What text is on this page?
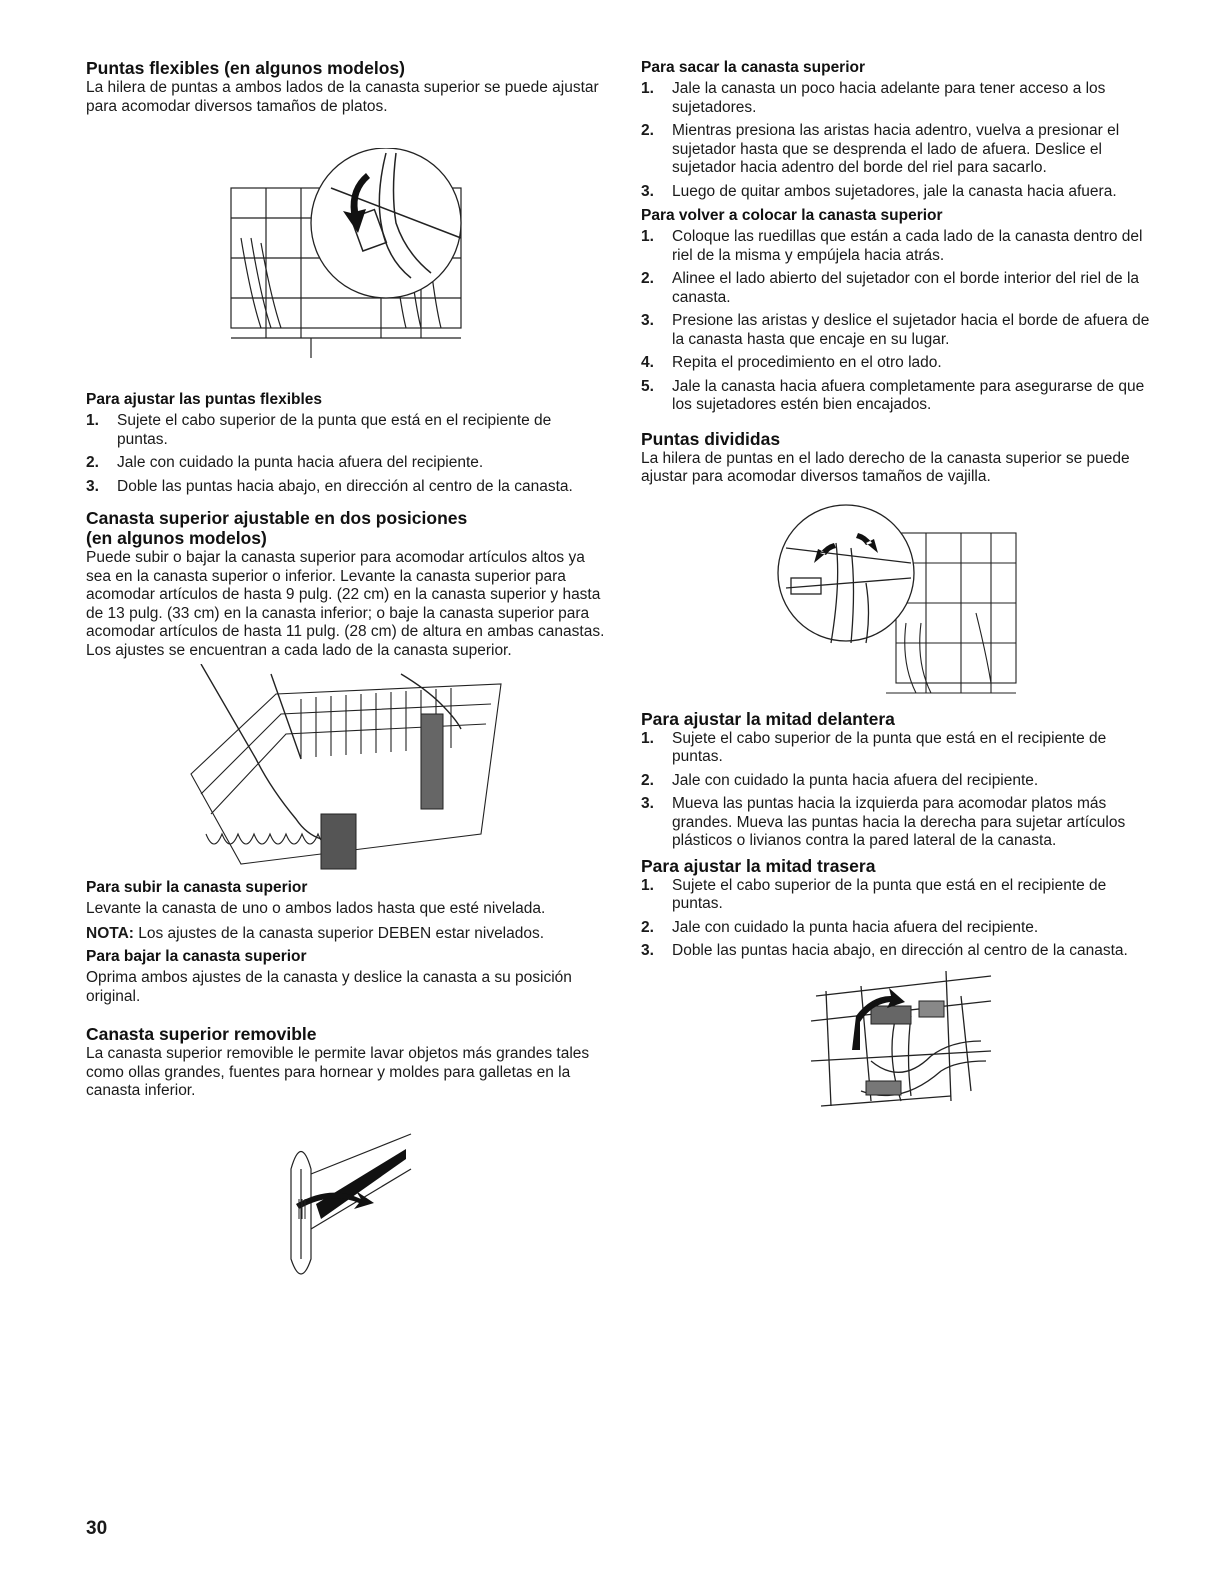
Puntas flexibles (en algunos modelos)

La hilera de puntas a ambos lados de la canasta superior se puede ajustar para acomodar diversos tamaños de platos.

Para ajustar las puntas flexibles
1. Sujete el cabo superior de la punta que está en el recipiente de puntas.
2. Jale con cuidado la punta hacia afuera del recipiente.
3. Doble las puntas hacia abajo, en dirección al centro de la canasta.
Canasta superior ajustable en dos posiciones
(en algunos modelos)

Puede subir o bajar la canasta superior para acomodar artículos altos ya sea en la canasta superior o inferior. Levante la canasta superior para acomodar artículos de hasta 9 pulg. (22 cm) en la canasta superior y hasta de 13 pulg. (33 cm) en la canasta inferior; o baje la canasta superior para acomodar artículos de hasta 11 pulg. (28 cm) de altura en ambas canastas. Los ajustes se encuentran a cada lado de la canasta superior.

Para subir la canasta superior

Levante la canasta de uno o ambos lados hasta que esté nivelada.

NOTA: Los ajustes de la canasta superior DEBEN estar nivelados.

Para bajar la canasta superior

Oprima ambos ajustes de la canasta y deslice la canasta a su posición original.

Canasta superior removible

La canasta superior removible le permite lavar objetos más grandes tales como ollas grandes, fuentes para hornear y moldes para galletas en la canasta inferior.

Para sacar la canasta superior
1. Jale la canasta un poco hacia adelante para tener acceso a los sujetadores.
2. Mientras presiona las aristas hacia adentro, vuelva a presionar el sujetador hasta que se desprenda el lado de afuera. Deslice el sujetador hacia adentro del borde del riel para sacarlo.
3. Luego de quitar ambos sujetadores, jale la canasta hacia afuera.
Para volver a colocar la canasta superior
1. Coloque las ruedillas que están a cada lado de la canasta dentro del riel de la misma y empújela hacia atrás.
2. Alinee el lado abierto del sujetador con el borde interior del riel de la canasta.
3. Presione las aristas y deslice el sujetador hacia el borde de afuera de la canasta hasta que encaje en su lugar.
4. Repita el procedimiento en el otro lado.
5. Jale la canasta hacia afuera completamente para asegurarse de que los sujetadores estén bien encajados.
Puntas divididas

La hilera de puntas en el lado derecho de la canasta superior se puede ajustar para acomodar diversos tamaños de vajilla.

Para ajustar la mitad delantera
1. Sujete el cabo superior de la punta que está en el recipiente de puntas.
2. Jale con cuidado la punta hacia afuera del recipiente.
3. Mueva las puntas hacia la izquierda para acomodar platos más grandes. Mueva las puntas hacia la derecha para sujetar artículos plásticos o livianos contra la pared lateral de la canasta.
Para ajustar la mitad trasera
1. Sujete el cabo superior de la punta que está en el recipiente de puntas.
2. Jale con cuidado la punta hacia afuera del recipiente.
3. Doble las puntas hacia abajo, en dirección al centro de la canasta.
30
